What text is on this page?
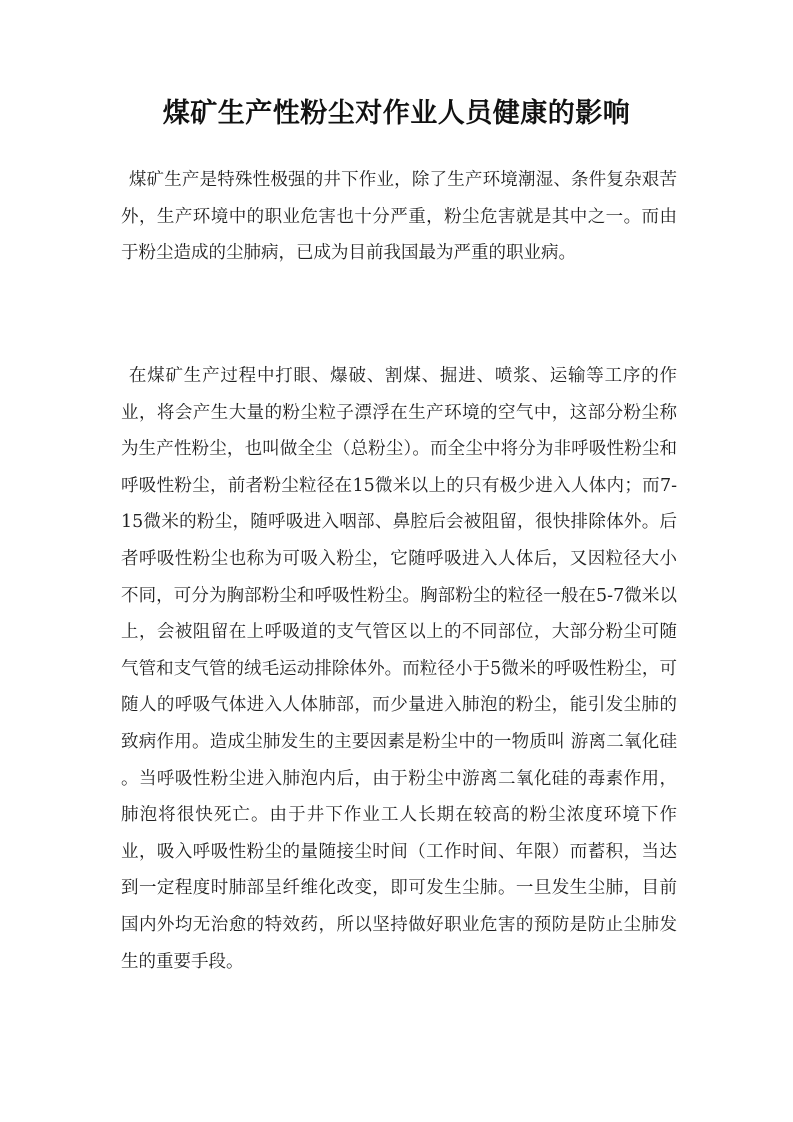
煤矿生产性粉尘对作业人员健康的影响

煤矿生产是特殊性极强的井下作业，除了生产环境潮湿、条件复杂艰苦外，生产环境中的职业危害也十分严重，粉尘危害就是其中之一。而由于粉尘造成的尘肺病，已成为目前我国最为严重的职业病。

在煤矿生产过程中打眼、爆破、割煤、掘进、喷浆、运输等工序的作业，将会产生大量的粉尘粒子漂浮在生产环境的空气中，这部分粉尘称为生产性粉尘，也叫做全尘（总粉尘）。而全尘中将分为非呼吸性粉尘和呼吸性粉尘，前者粉尘粒径在15微米以上的只有极少进入人体内；而7-15微米的粉尘，随呼吸进入咽部、鼻腔后会被阻留，很快排除体外。后者呼吸性粉尘也称为可吸入粉尘，它随呼吸进入人体后，又因粒径大小不同，可分为胸部粉尘和呼吸性粉尘。胸部粉尘的粒径一般在5-7微米以上，会被阻留在上呼吸道的支气管区以上的不同部位，大部分粉尘可随气管和支气管的绒毛运动排除体外。而粒径小于5微米的呼吸性粉尘，可随人的呼吸气体进入人体肺部，而少量进入肺泡的粉尘，能引发尘肺的致病作用。造成尘肺发生的主要因素是粉尘中的一物质叫 游离二氧化硅 。当呼吸性粉尘进入肺泡内后，由于粉尘中游离二氧化硅的毒素作用，肺泡将很快死亡。由于井下作业工人长期在较高的粉尘浓度环境下作业，吸入呼吸性粉尘的量随接尘时间（工作时间、年限）而蓄积，当达到一定程度时肺部呈纤维化改变，即可发生尘肺。一旦发生尘肺，目前国内外均无治愈的特效药，所以坚持做好职业危害的预防是防止尘肺发生的重要手段。
